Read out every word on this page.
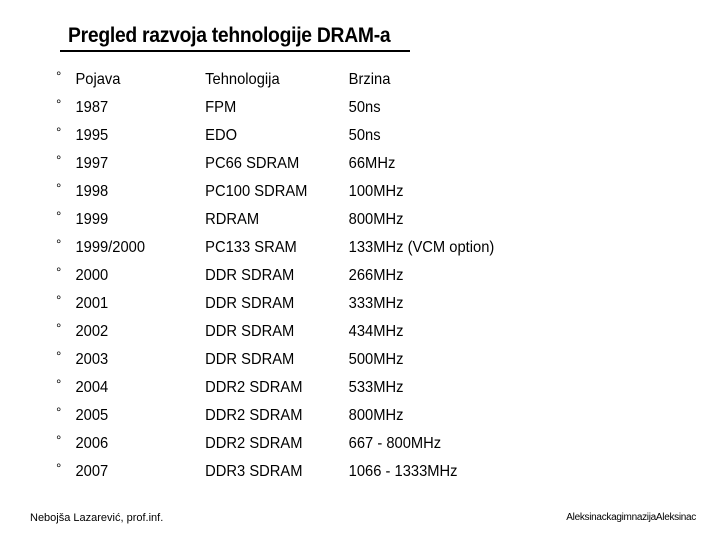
Pregled razvoja tehnologije DRAM-a
° Pojava	Tehnologija	Brzina
° 1987	FPM	50ns
° 1995	EDO	50ns
° 1997	PC66 SDRAM	66MHz
° 1998	PC100 SDRAM	100MHz
° 1999	RDRAM	800MHz
° 1999/2000	PC133 SRAM	133MHz (VCM option)
° 2000	DDR SDRAM	266MHz
° 2001	DDR SDRAM	333MHz
° 2002	DDR SDRAM	434MHz
° 2003	DDR SDRAM	500MHz
° 2004	DDR2 SDRAM	533MHz
° 2005	DDR2 SDRAM	800MHz
° 2006	DDR2 SDRAM	667 - 800MHz
° 2007	DDR3 SDRAM	1066 - 1333MHz
Nebojša Lazarević, prof.inf.	AleksinackagimnazijaAleksinac
